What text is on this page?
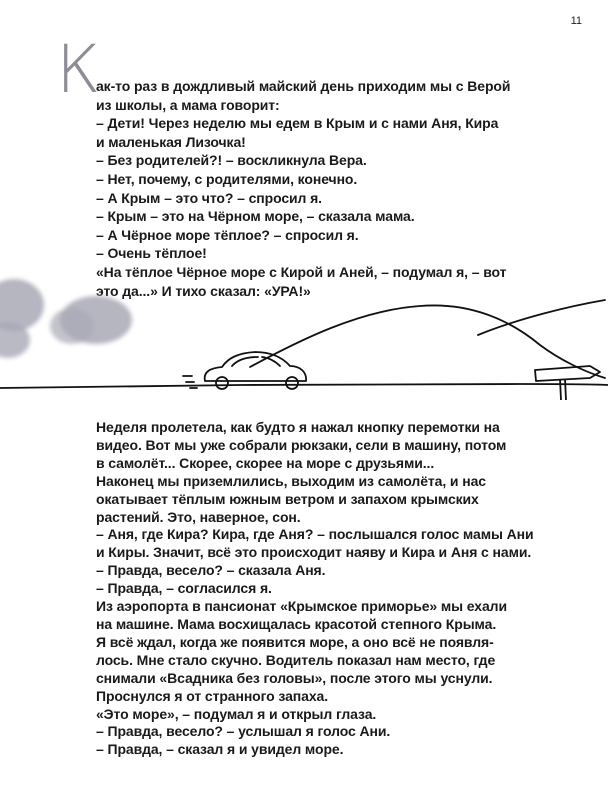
11
К
ак-то раз в дождливый майский день приходим мы с Верой
из школы, а мама говорит:
– Дети! Через неделю мы едем в Крым и с нами Аня, Кира
и маленькая Лизочка!
– Без родителей?! – воскликнула Вера.
– Нет, почему, с родителями, конечно.
– А Крым – это что? – спросил я.
– Крым – это на Чёрном море, – сказала мама.
– А Чёрное море тёплое? – спросил я.
– Очень тёплое!
«На тёплое Чёрное море с Кирой и Аней, – подумал я, – вот
это да...» И тихо сказал: «УРА!»
Неделя пролетела, как будто я нажал кнопку перемотки на
видео. Вот мы уже собрали рюкзаки, сели в машину, потом
в самолёт... Скорее, скорее на море с друзьями...
Наконец мы приземлились, выходим из самолёта, и нас
окатывает тёплым южным ветром и запахом крымских
растений. Это, наверное, сон.
– Аня, где Кира? Кира, где Аня? – послышался голос мамы Ани
и Киры. Значит, всё это происходит наяву и Кира и Аня с нами.
– Правда, весело? – сказала Аня.
– Правда, – согласился я.
Из аэропорта в пансионат «Крымское приморье» мы ехали
на машине. Мама восхищалась красотой степного Крыма.
Я всё ждал, когда же появится море, а оно всё не появля-
лось. Мне стало скучно. Водитель показал нам место, где
снимали «Всадника без головы», после этого мы уснули.
Проснулся я от странного запаха.
«Это море», – подумал я и открыл глаза.
– Правда, весело? – услышал я голос Ани.
– Правда, – сказал я и увидел море.
